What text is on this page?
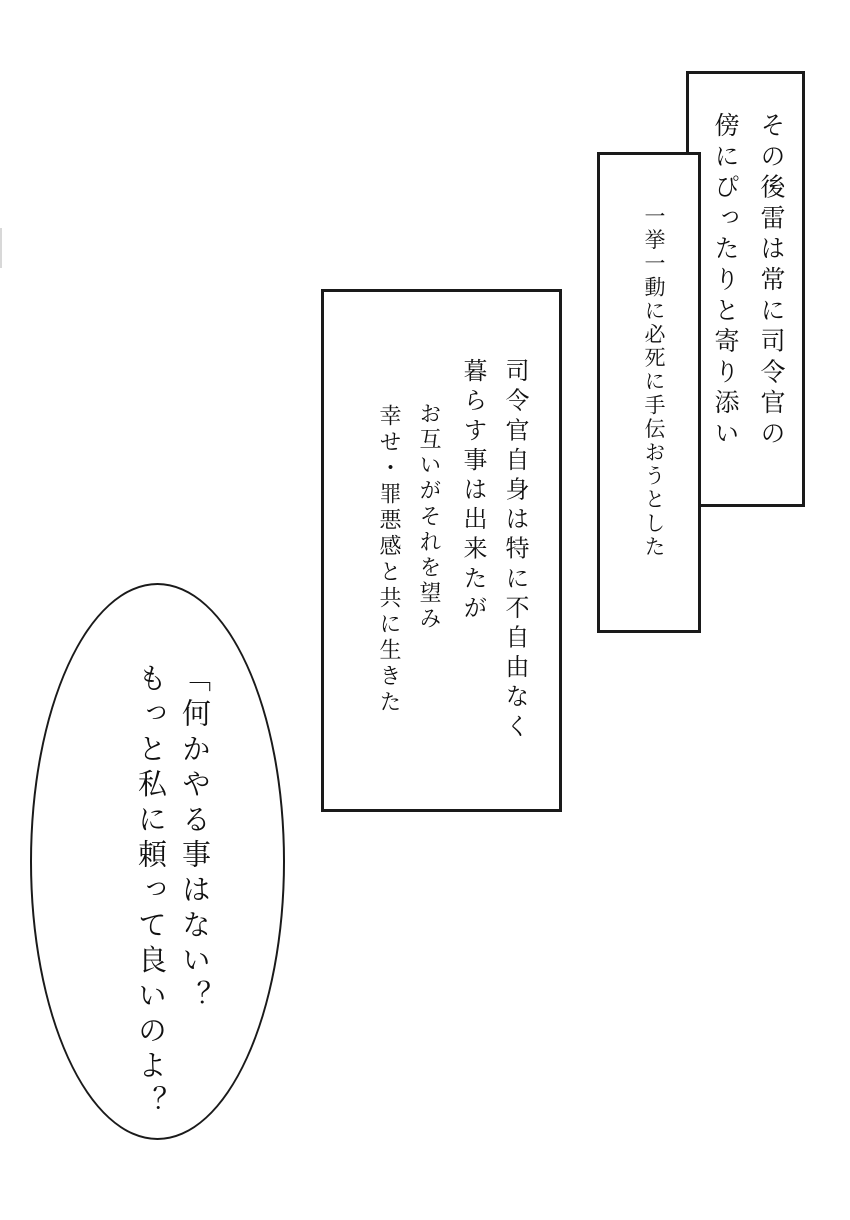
その後雷は常に司令官の
傍にぴったりと寄り添い
一挙一動に必死に手伝おうとした
司令官自身は特に不自由なく
暮らす事は出来たが
お互いがそれを望み
幸せ・罪悪感と共に生きた
「何かやる事はない？
もっと私に頼って良いのよ？
